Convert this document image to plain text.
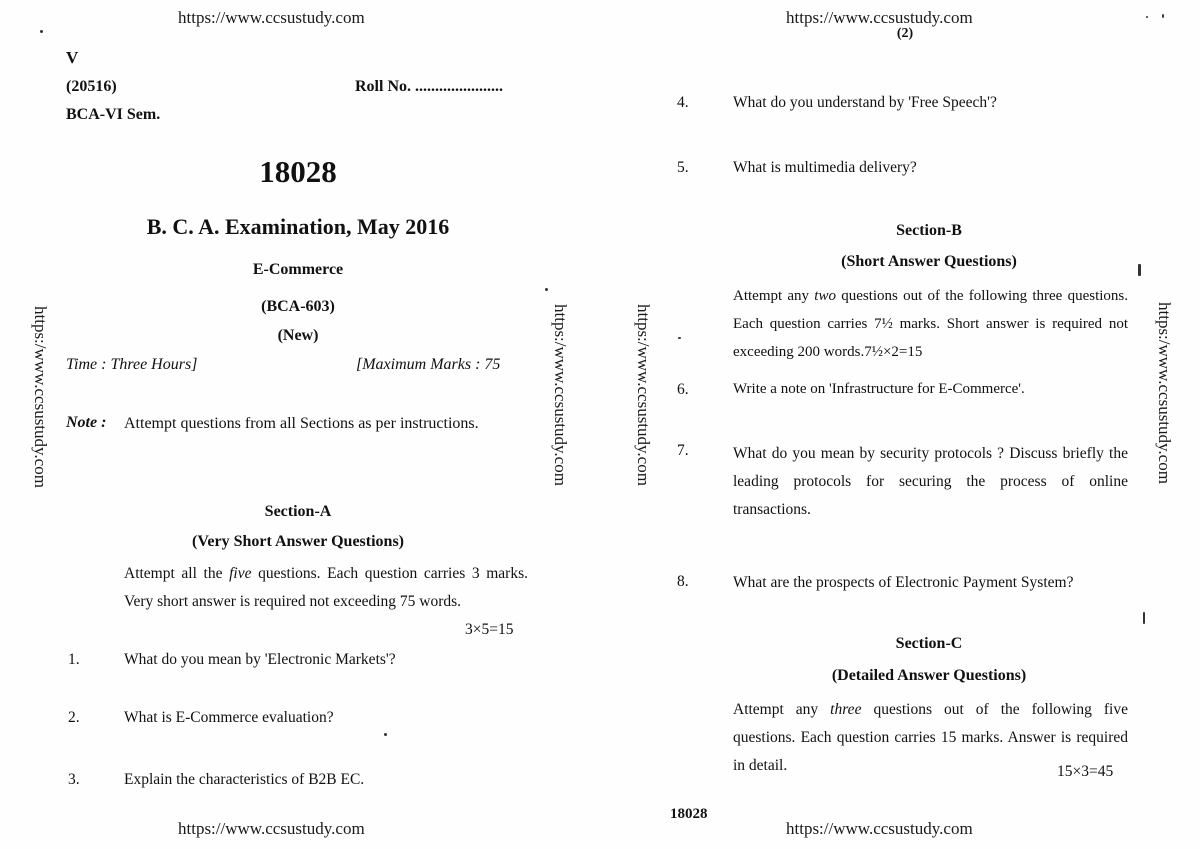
https://www.ccsustudy.com
V
(20516)	Roll No. ......................
BCA-VI Sem.
18028
B. C. A. Examination, May 2016
E-Commerce
(BCA-603)
(New)
Time : Three Hours]	[Maximum Marks : 75
Note : Attempt questions from all Sections as per instructions.
Section-A
(Very Short Answer Questions)
Attempt all the five questions. Each question carries 3 marks. Very short answer is required not exceeding 75 words.
3×5=15
1.	What do you mean by 'Electronic Markets'?
2.	What is E-Commerce evaluation?
3.	Explain the characteristics of B2B EC.
https://www.ccsustudy.com
https:/www.ccsustudy.com	https:/www.ccsustudy.com	https:/www.ccsustudy.com	https:/www.ccsustudy.com
https://www.ccsustudy.com
(2)
4.	What do you understand by 'Free Speech'?
5.	What is multimedia delivery?
Section-B
(Short Answer Questions)
Attempt any two questions out of the following three questions. Each question carries 7½ marks. Short answer is required not exceeding 200 words.7½×2=15
6.	Write a note on 'Infrastructure for E-Commerce'.
7.	What do you mean by security protocols ? Discuss briefly the leading protocols for securing the process of online transactions.
8.	What are the prospects of Electronic Payment System?
Section-C
(Detailed Answer Questions)
Attempt any three questions out of the following five questions. Each question carries 15 marks. Answer is required in detail.	15×3=45
18028
https://www.ccsustudy.com
